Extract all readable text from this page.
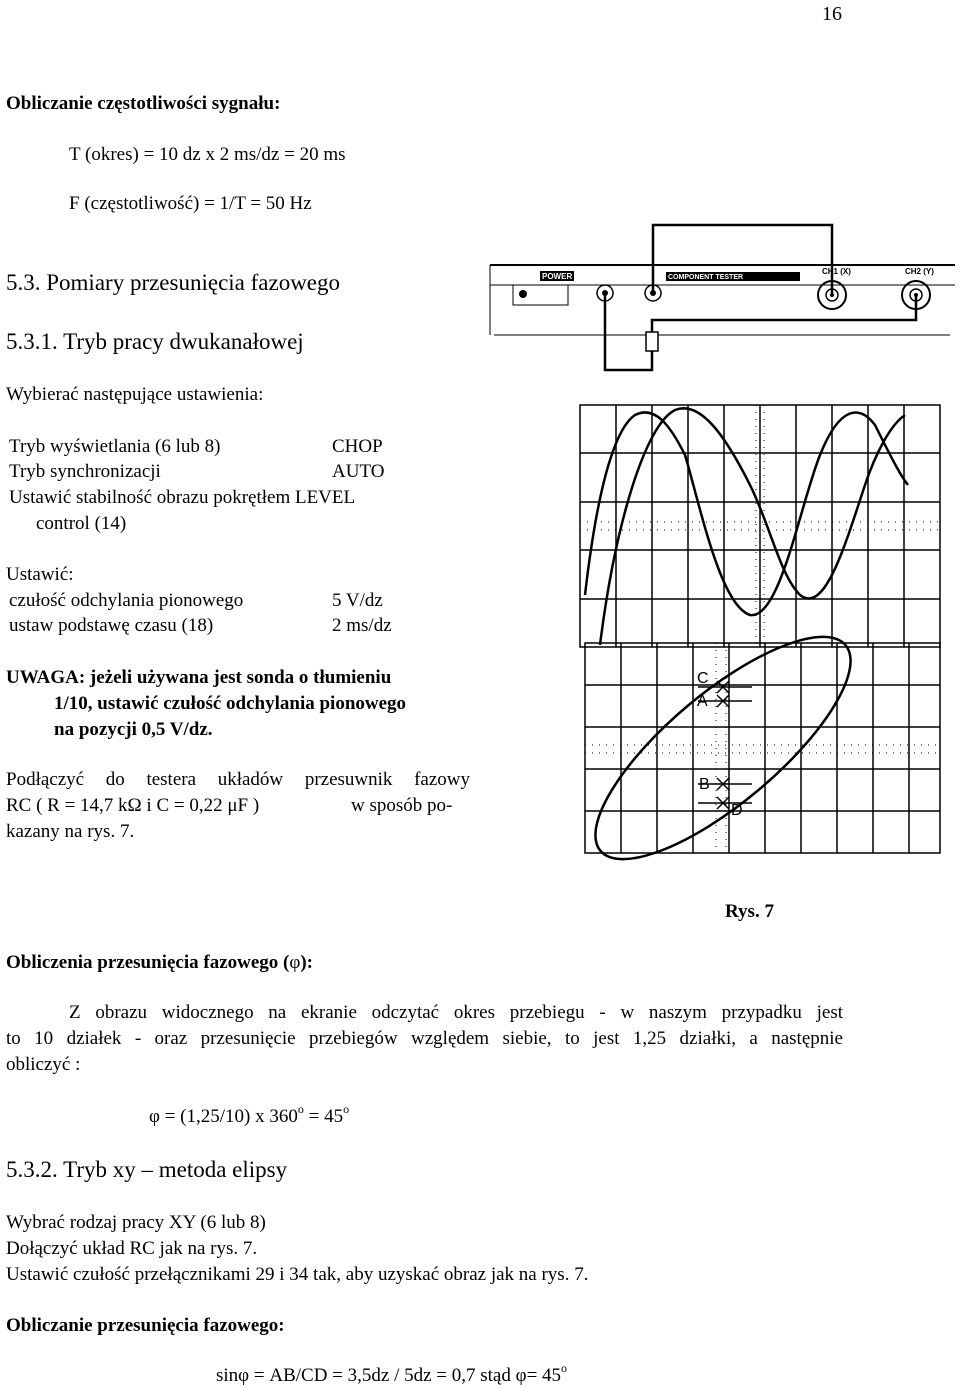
16
Obliczanie częstotliwości sygnału:
T (okres) = 10 dz x 2 ms/dz = 20 ms
F (częstotliwość) = 1/T = 50 Hz
5.3. Pomiary przesunięcia fazowego
5.3.1. Tryb pracy dwukanałowej
Wybierać następujące ustawienia:
Tryb wyświetlania (6 lub 8)	CHOP
Tryb synchronizacji	AUTO
Ustawić stabilność obrazu pokrętłem LEVEL
control (14)
Ustawić:
czułość odchylania pionowego	5 V/dz
ustaw podstawę czasu (18)	2 ms/dz
UWAGA: jeżeli używana jest sonda o tłumieniu
1/10, ustawić czułość odchylania pionowego
na pozycji 0,5 V/dz.
Podłączyć do testera układów przesuwnik fazowy
RC ( R = 14,7 kΩ i C = 0,22 μF )	w sposób po-
kazany na rys. 7.
POWER	COMPONENT TESTER
CH1 (X)	CH2 (Y)
C
A
B
D
Rys. 7
Obliczenia przesunięcia fazowego (φ):
Z obrazu widocznego na ekranie odczytać okres przebiegu - w naszym przypadku jest
to 10 działek - oraz przesunięcie przebiegów względem siebie, to jest 1,25 działki, a następnie
obliczyć :
φ = (1,25/10) x $360^o = 45^o$
5.3.2. Tryb xy – metoda elipsy
Wybrać rodzaj pracy XY (6 lub 8)
Dołączyć układ RC jak na rys. 7.
Ustawić czułość przełącznikami 29 i 34 tak, aby uzyskać obraz jak na rys. 7.
Obliczanie przesunięcia fazowego:
sinφ = AB/CD = 3,5dz / 5dz = 0,7 stąd $\varphi= 45^o$
